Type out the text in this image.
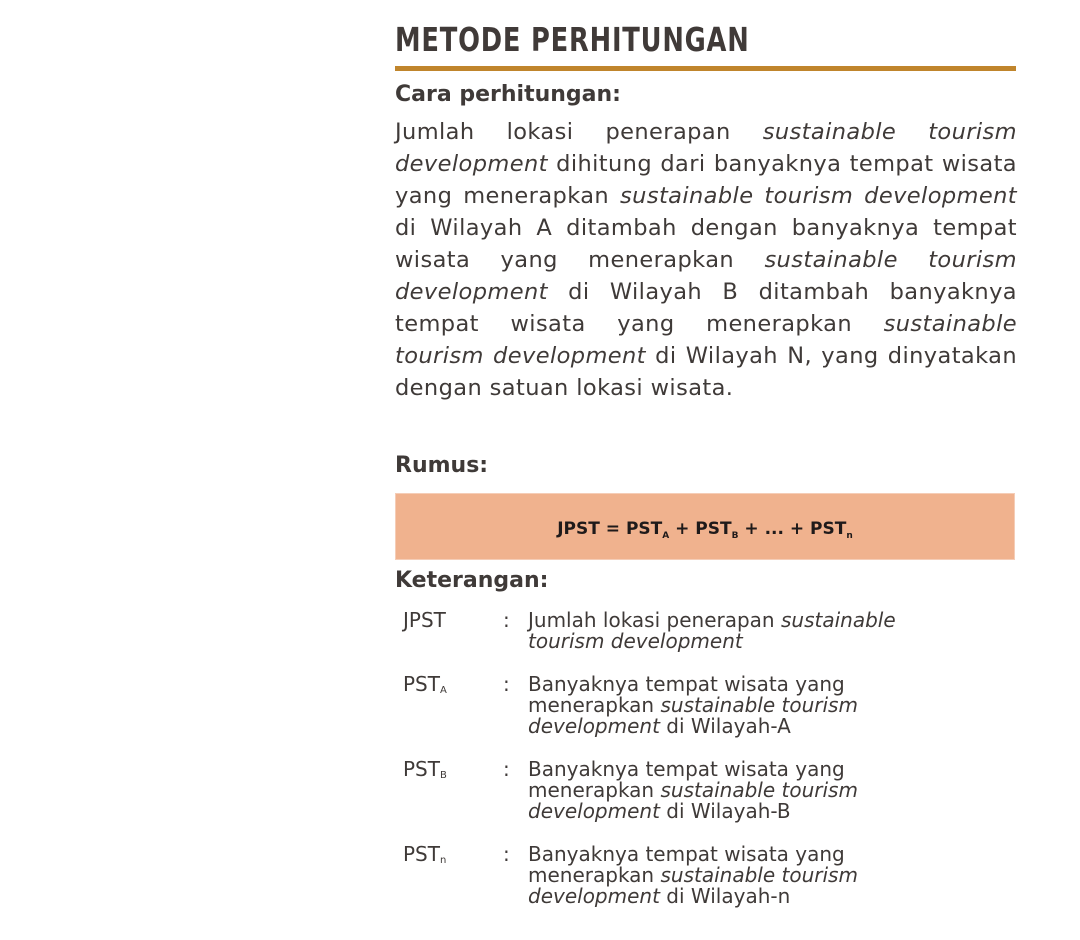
METODE PERHITUNGAN
Cara perhitungan:

Jumlah lokasi penerapan sustainable tourism development dihitung dari banyaknya tempat wisata yang menerapkan sustainable tourism development di Wilayah A ditambah dengan banyaknya tempat wisata yang menerapkan sustainable tourism development di Wilayah B ditambah banyaknya tempat wisata yang menerapkan sustainable tourism development di Wilayah N, yang dinyatakan dengan satuan lokasi wisata.

Rumus:
JPST = $PST_A + PST_B$ + ... + $PST_n$
Keterangan:
JPST	: Jumlah lokasi penerapan sustainable tourism development
$PST_A$	: Banyaknya tempat wisata yang menerapkan sustainable tourism development di Wilayah-A
$PST_B$	: Banyaknya tempat wisata yang menerapkan sustainable tourism development di Wilayah-B
$PST_n$	: Banyaknya tempat wisata yang menerapkan sustainable tourism development di Wilayah-n
